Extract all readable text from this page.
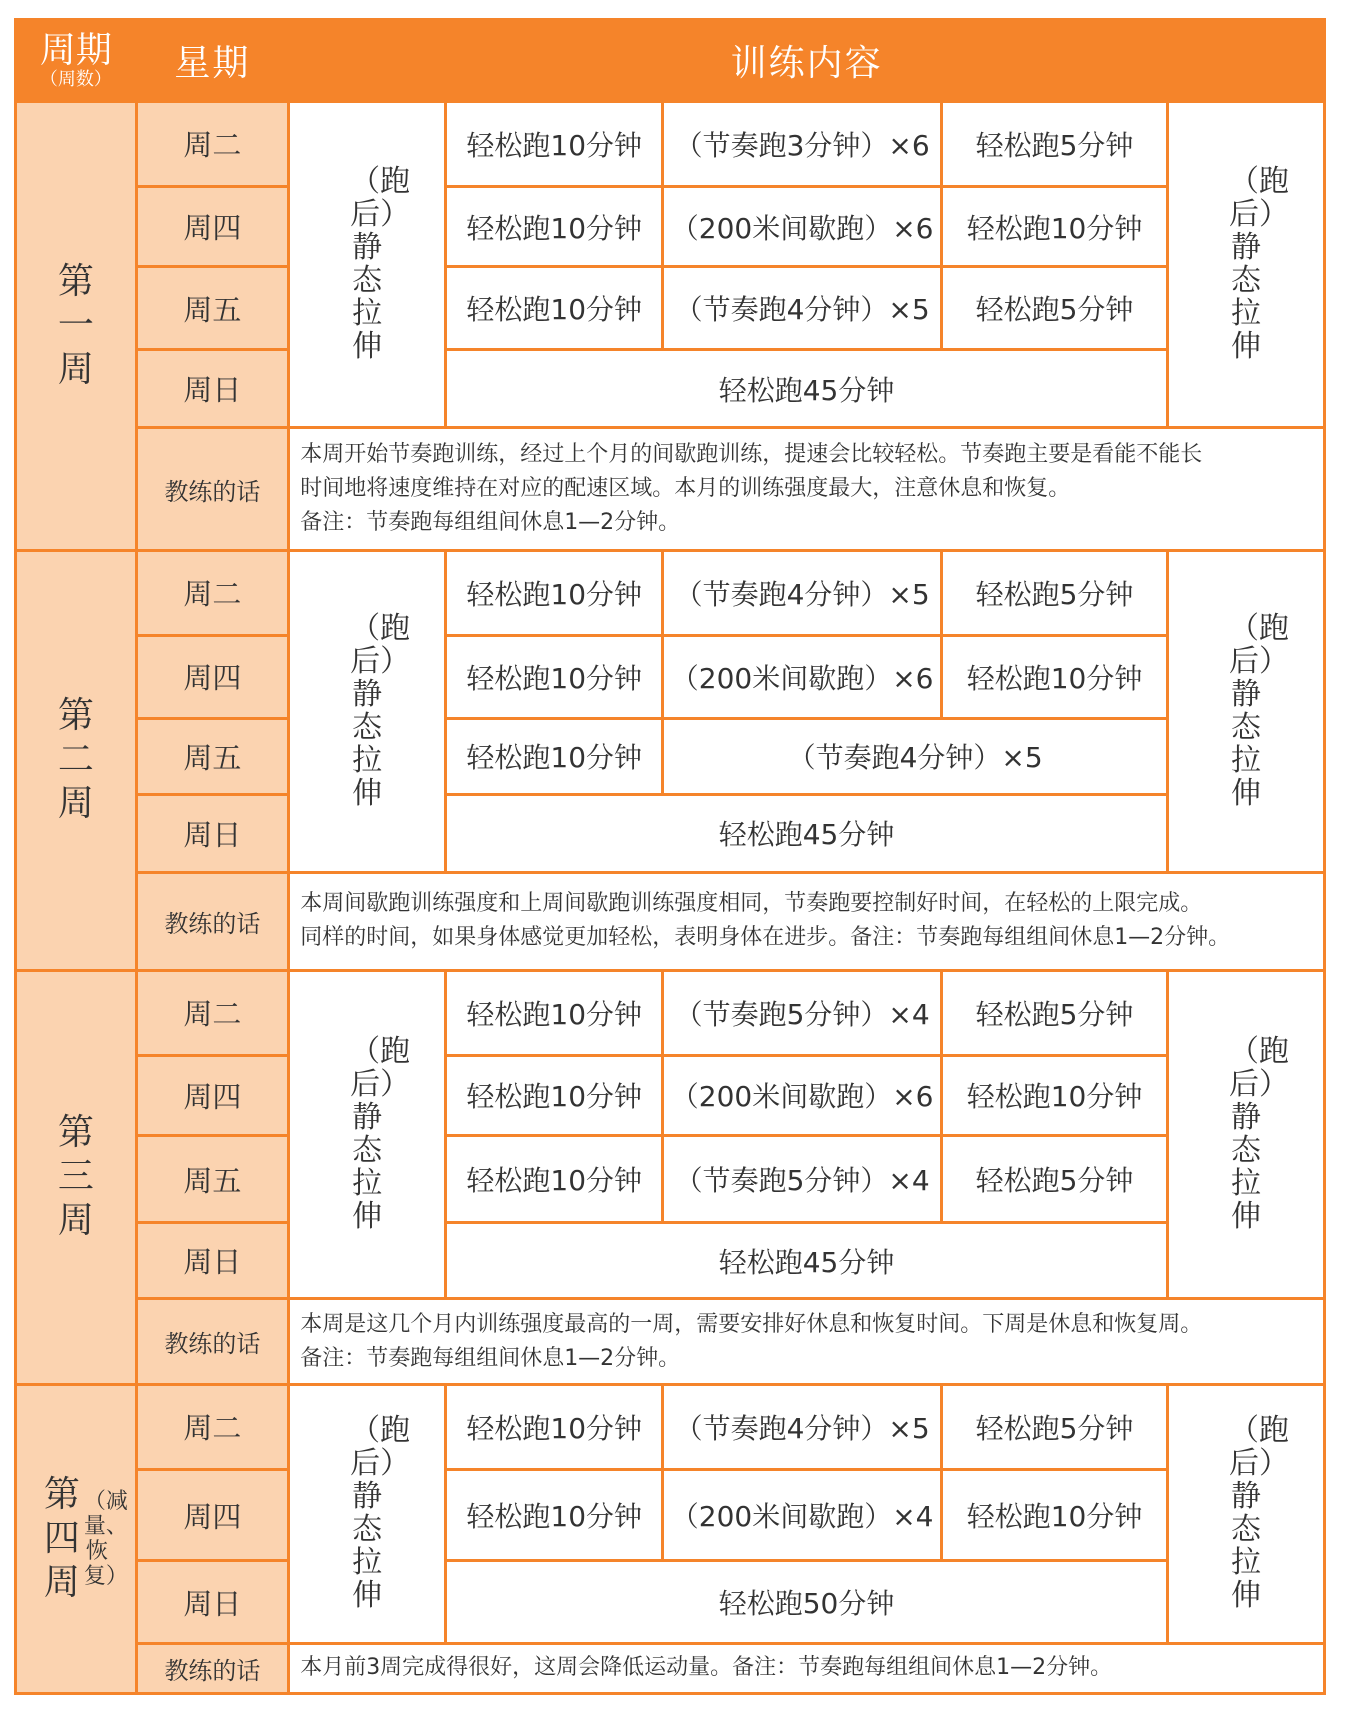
周期
（周数）	星期	训练内容				
第一周	周二	（跑后）静态拉伸	轻松跑10分钟	（节奏跑3分钟）×6	轻松跑5分钟	（跑后）静态拉伸
	周四		轻松跑10分钟	（200米间歇跑）×6	轻松跑10分钟	
	周五		轻松跑10分钟	（节奏跑4分钟）×5	轻松跑5分钟	
	周日		轻松跑45分钟			
	教练的话	本周开始节奏跑训练，经过上个月的间歇跑训练，提速会比较轻松。节奏跑主要是看能不能长

时间地将速度维持在对应的配速区域。本月的训练强度最大，注意休息和恢复。

备注：节奏跑每组组间休息1—2分钟。				

第二周	周二	（跑后）静态拉伸	轻松跑10分钟	（节奏跑4分钟）×5	轻松跑5分钟	（跑后）静态拉伸
	周四		轻松跑10分钟	（200米间歇跑）×6	轻松跑10分钟	
	周五		轻松跑10分钟	（节奏跑4分钟）×5		
	周日		轻松跑45分钟			
	教练的话	本周间歇跑训练强度和上周间歇跑训练强度相同，节奏跑要控制好时间，在轻松的上限完成。

同样的时间，如果身体感觉更加轻松，表明身体在进步。备注：节奏跑每组组间休息1—2分钟。				

第三周	周二	（跑后）静态拉伸	轻松跑10分钟	（节奏跑5分钟）×4	轻松跑5分钟	（跑后）静态拉伸
	周四		轻松跑10分钟	（200米间歇跑）×6	轻松跑10分钟	
	周五		轻松跑10分钟	（节奏跑5分钟）×4	轻松跑5分钟	
	周日		轻松跑45分钟			
	教练的话	本周是这几个月内训练强度最高的一周，需要安排好休息和恢复时间。下周是休息和恢复周。

备注：节奏跑每组组间休息1—2分钟。				

第四周
（减量、恢复）	周二	（跑后）静态拉伸	轻松跑10分钟	（节奏跑4分钟）×5	轻松跑5分钟	（跑后）静态拉伸
	周四		轻松跑10分钟	（200米间歇跑）×4	轻松跑10分钟	
	周日		轻松跑50分钟			
	教练的话	本月前3周完成得很好，这周会降低运动量。备注：节奏跑每组组间休息1—2分钟。				
